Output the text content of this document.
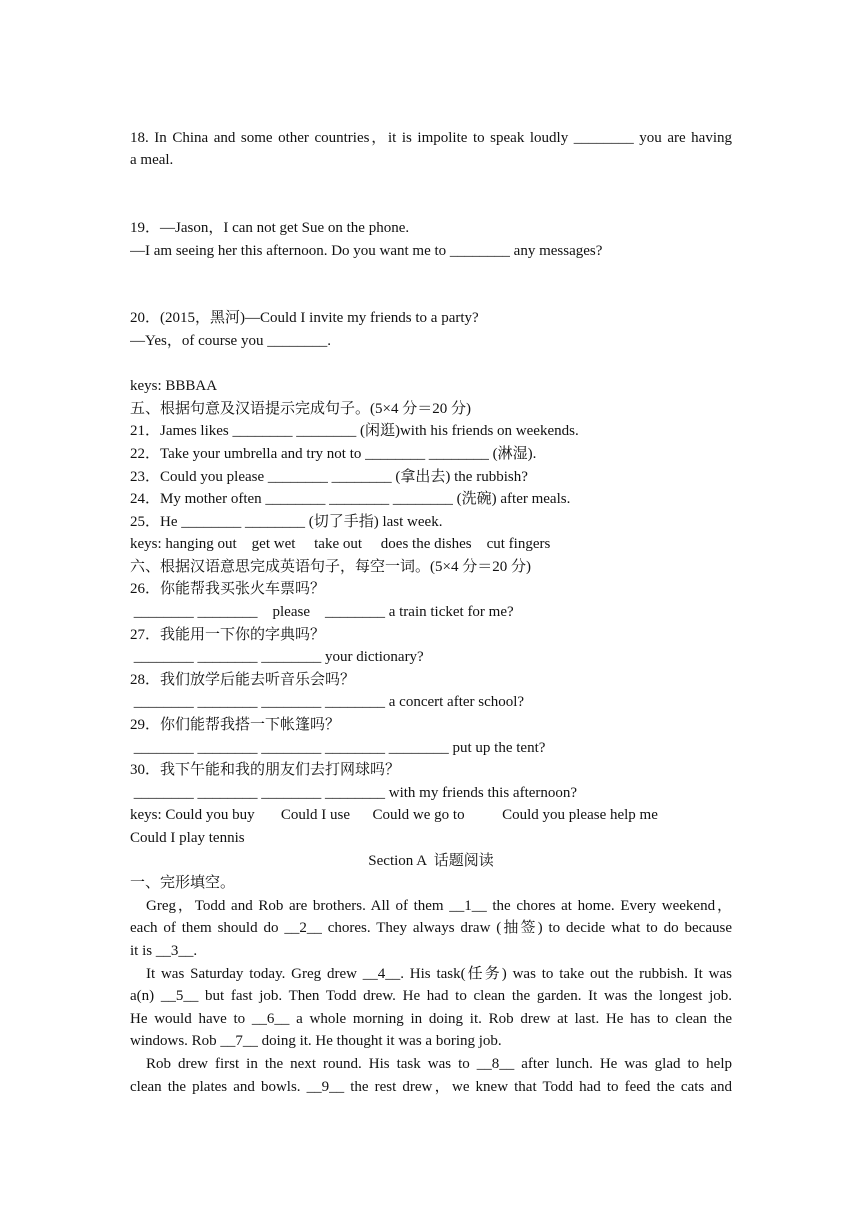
18. In China and some other countries，it is impolite to speak loudly ________ you are having
a meal.

19．—Jason，I can not get Sue on the phone.
—I am seeing her this afternoon. Do you want me to ________ any messages?

20．(2015，黑河)—Could I invite my friends to a party?
—Yes，of course you ________.

keys: BBBAA
五、根据句意及汉语提示完成句子。(5×4 分＝20 分)
21．James likes ________ ________ (闲逛)with his friends on weekends.
22．Take your umbrella and try not to ________ ________ (淋湿).
23．Could you please ________ ________ (拿出去) the rubbish?
24．My mother often ________ ________ ________ (洗碗) after meals.
25．He ________ ________ (切了手指) last week.
keys: hanging out    get wet     take out     does the dishes    cut fingers
六、根据汉语意思完成英语句子，每空一词。(5×4 分＝20 分)
26．你能帮我买张火车票吗？
________ ________    please    ________ a train ticket for me?
27．我能用一下你的字典吗？
________ ________ ________ your dictionary?
28．我们放学后能去听音乐会吗？
________ ________ ________ ________ a concert after school?
29．你们能帮我搭一下帐篷吗？
________ ________ ________ ________ ________ put up the tent?
30．我下午能和我的朋友们去打网球吗？
________ ________ ________ ________ with my friends this afternoon?
keys: Could you buy       Could I use      Could we go to          Could you please help me
Could I play tennis
Section A  话题阅读
一、完形填空。
Greg，Todd and Rob are brothers. All of them __1__ the chores at home. Every weekend，
each of them should do __2__ chores. They always draw (抽签) to decide what to do because
it is __3__.
It was Saturday today. Greg drew __4__. His task(任务) was to take out the rubbish. It was
a(n) __5__ but fast job. Then Todd drew. He had to clean the garden. It was the longest job.
He would have to __6__ a whole morning in doing it. Rob drew at last. He has to clean the
windows. Rob __7__ doing it. He thought it was a boring job.
Rob drew first in the next round. His task was to __8__ after lunch. He was glad to help
clean the plates and bowls. __9__ the rest drew，we knew that Todd had to feed the cats and
